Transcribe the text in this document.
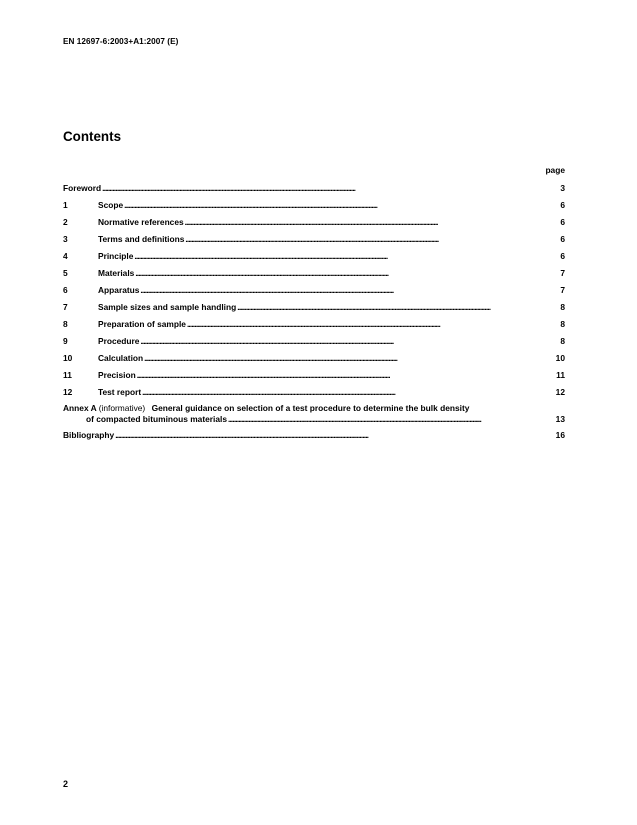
EN 12697-6:2003+A1:2007 (E)
Contents
page
Foreword . . .	3
1	Scope . . .	6
2	Normative references . . .	6
3	Terms and definitions . . .	6
4	Principle . . .	6
5	Materials . . .	7
6	Apparatus . . .	7
7	Sample sizes and sample handling . . .	8
8	Preparation of sample . . .	8
9	Procedure . . .	8
10	Calculation . . .	10
11	Precision . . .	11
12	Test report . . .	12
Annex A (informative) General guidance on selection of a test procedure to determine the bulk density
of compacted bituminous materials . . .	13
Bibliography . . .	16
2
